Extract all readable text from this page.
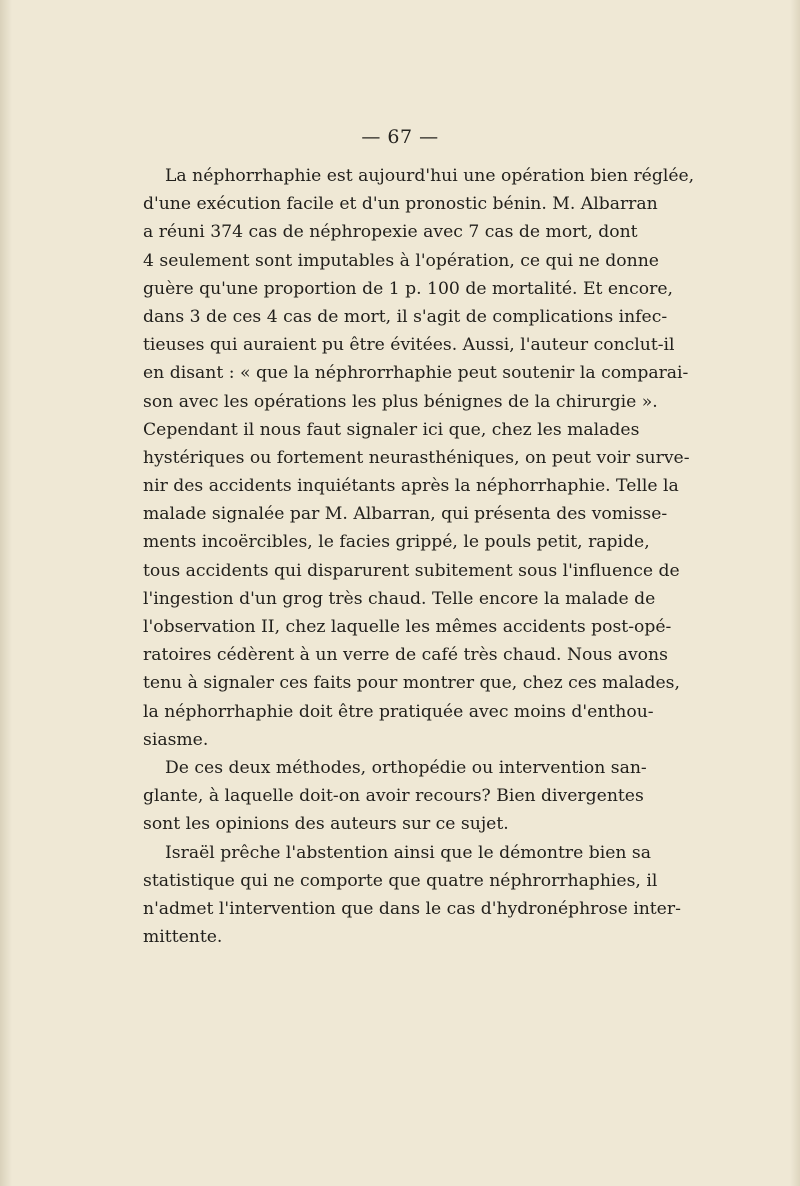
— 67 —
La néphorrhaphie est aujourd'hui une opération bien réglée,
d'une exécution facile et d'un pronostic bénin. M. Albarran
a réuni 374 cas de néphropexie avec 7 cas de mort, dont
4 seulement sont imputables à l'opération, ce qui ne donne
guère qu'une proportion de 1 p. 100 de mortalité. Et encore,
dans 3 de ces 4 cas de mort, il s'agit de complications infec-
tieuses qui auraient pu être évitées. Aussi, l'auteur conclut-il
en disant : « que la néphrorrhaphie peut soutenir la comparai-
son avec les opérations les plus bénignes de la chirurgie ».
Cependant il nous faut signaler ici que, chez les malades
hystériques ou fortement neurasthéniques, on peut voir surve-
nir des accidents inquiétants après la néphorrhaphie. Telle la
malade signalée par M. Albarran, qui présenta des vomisse-
ments incoërcibles, le facies grippé, le pouls petit, rapide,
tous accidents qui disparurent subitement sous l'influence de
l'ingestion d'un grog très chaud. Telle encore la malade de
l'observation II, chez laquelle les mêmes accidents post-opé-
ratoires cédèrent à un verre de café très chaud. Nous avons
tenu à signaler ces faits pour montrer que, chez ces malades,
la néphorrhaphie doit être pratiquée avec moins d'enthou-
siasme.
De ces deux méthodes, orthopédie ou intervention san-
glante, à laquelle doit-on avoir recours? Bien divergentes
sont les opinions des auteurs sur ce sujet.
Israël prêche l'abstention ainsi que le démontre bien sa
statistique qui ne comporte que quatre néphrorrhaphies, il
n'admet l'intervention que dans le cas d'hydronéphrose inter-
mittente.
